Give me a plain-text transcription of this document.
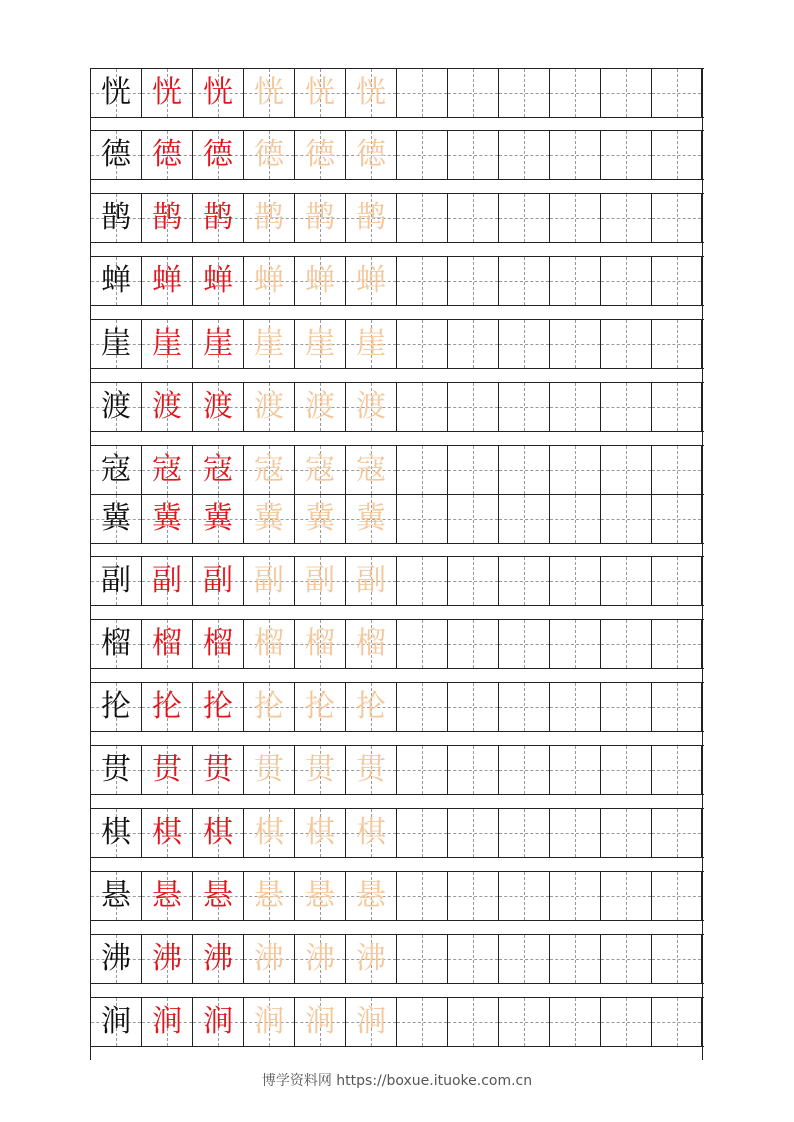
恍 恍 恍 恍 恍 恍
德 德 德 德 德 德
鹊 鹊 鹊 鹊 鹊 鹊
蝉 蝉 蝉 蝉 蝉 蝉
崖 崖 崖 崖 崖 崖
渡 渡 渡 渡 渡 渡
寇 寇 寇 寇 寇 寇
冀 冀 冀 冀 冀 冀
副 副 副 副 副 副
榴 榴 榴 榴 榴 榴
抡 抡 抡 抡 抡 抡
贯 贯 贯 贯 贯 贯
棋 棋 棋 棋 棋 棋
悬 悬 悬 悬 悬 悬
沸 沸 沸 沸 沸 沸
涧 涧 涧 涧 涧 涧
博学资料网 https://boxue.ituoke.com.cn
